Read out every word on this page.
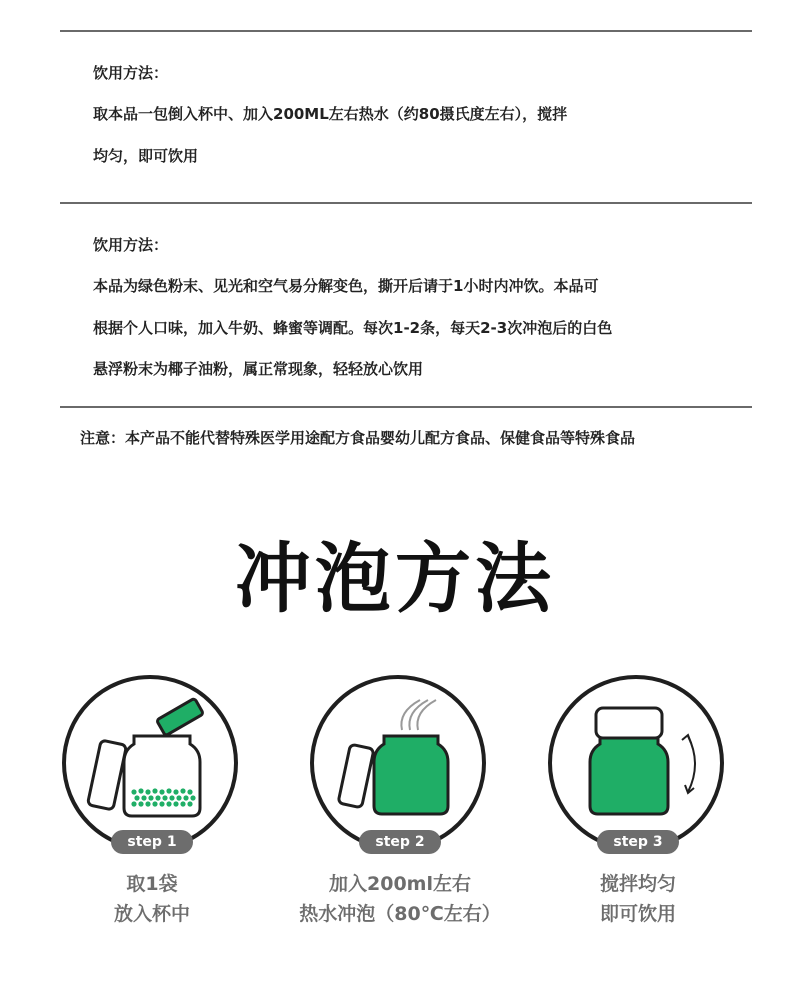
饮用方法：
取本品一包倒入杯中、加入200ML左右热水（约80摄氏度左右），搅拌
均匀，即可饮用
饮用方法：
本品为绿色粉末、见光和空气易分解变色，撕开后请于1小时内冲饮。本品可
根据个人口味，加入牛奶、蜂蜜等调配。每次1-2条，每天2-3次冲泡后的白色
悬浮粉末为椰子油粉，属正常现象，轻轻放心饮用
注意：本产品不能代替特殊医学用途配方食品婴幼儿配方食品、保健食品等特殊食品
冲泡方法
step 1
取1袋
放入杯中
step 2
加入200ml左右
热水冲泡（80℃左右）
step 3
搅拌均匀
即可饮用
